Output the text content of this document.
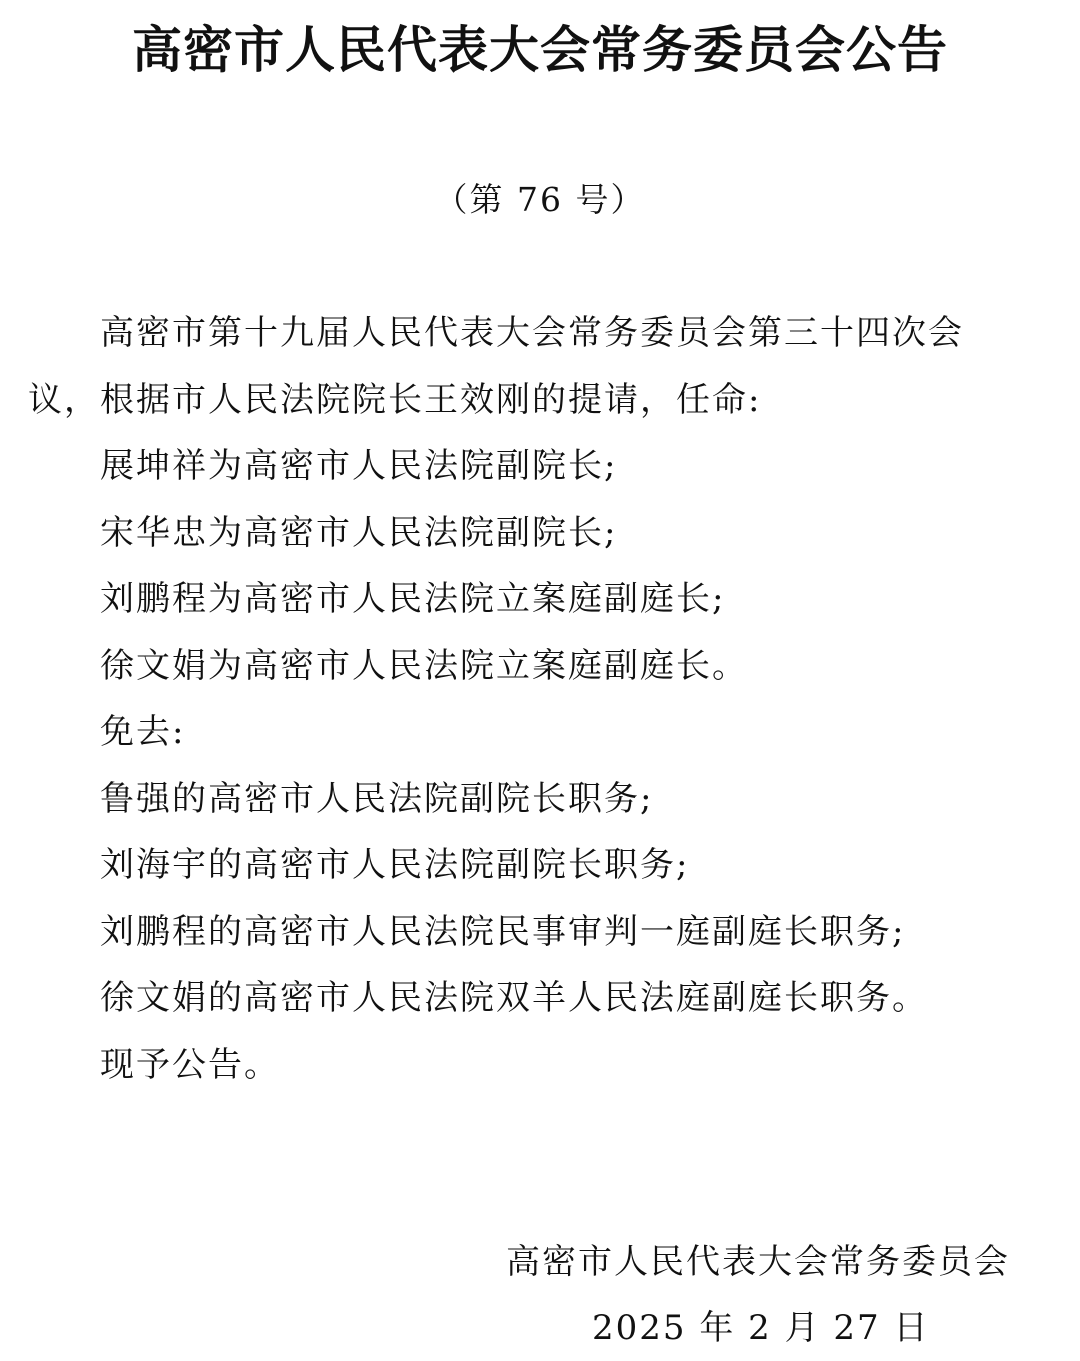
高密市人民代表大会常务委员会公告
（第 76 号）
高密市第十九届人民代表大会常务委员会第三十四次会
议，根据市人民法院院长王效刚的提请，任命:
展坤祥为高密市人民法院副院长;
宋华忠为高密市人民法院副院长;
刘鹏程为高密市人民法院立案庭副庭长;
徐文娟为高密市人民法院立案庭副庭长。
免去:
鲁强的高密市人民法院副院长职务;
刘海宇的高密市人民法院副院长职务;
刘鹏程的高密市人民法院民事审判一庭副庭长职务;
徐文娟的高密市人民法院双羊人民法庭副庭长职务。
现予公告。
高密市人民代表大会常务委员会
2025 年 2 月 27 日
